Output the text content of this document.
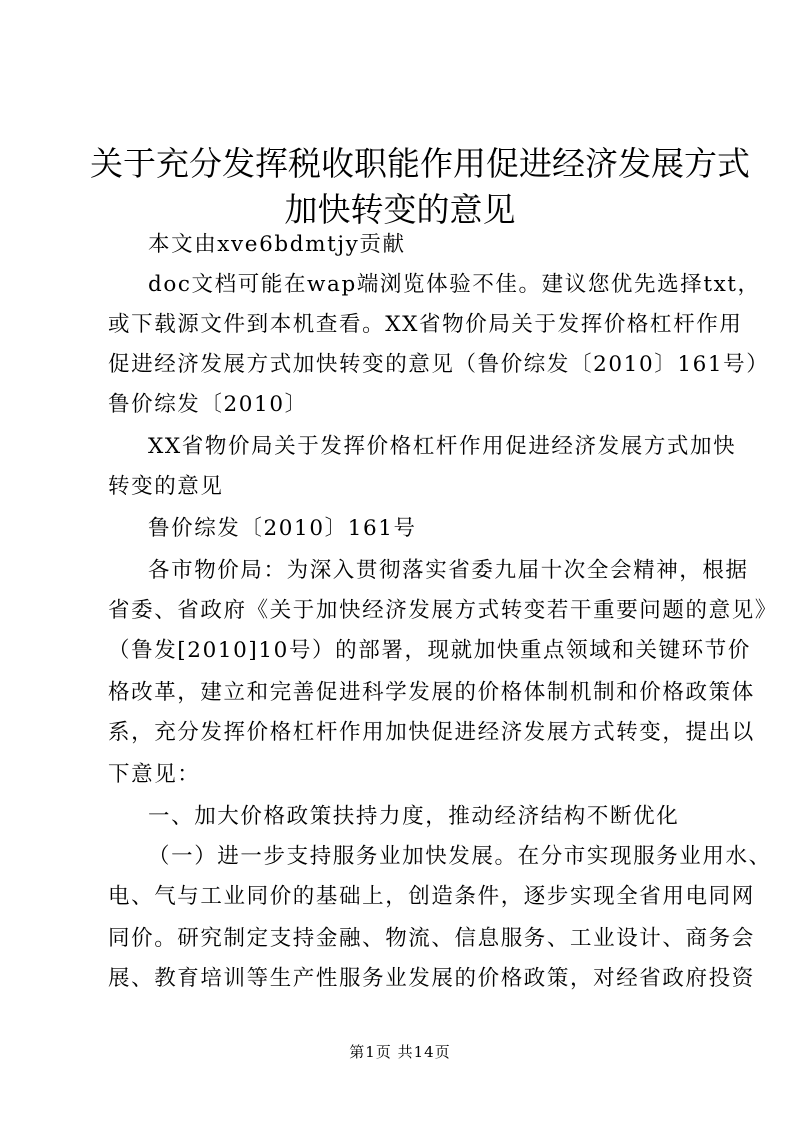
关于充分发挥税收职能作用促进经济发展方式
加快转变的意见
本文由xve6bdmtjy贡献
doc文档可能在wap端浏览体验不佳。建议您优先选择txt，
或下载源文件到本机查看。XX省物价局关于发挥价格杠杆作用
促进经济发展方式加快转变的意见（鲁价综发〔2010〕161号）
鲁价综发〔2010〕
XX省物价局关于发挥价格杠杆作用促进经济发展方式加快
转变的意见
鲁价综发〔2010〕161号
各市物价局：为深入贯彻落实省委九届十次全会精神，根据
省委、省政府《关于加快经济发展方式转变若干重要问题的意见》
（鲁发[2010]10号）的部署，现就加快重点领域和关键环节价
格改革，建立和完善促进科学发展的价格体制机制和价格政策体
系，充分发挥价格杠杆作用加快促进经济发展方式转变，提出以
下意见：
一、加大价格政策扶持力度，推动经济结构不断优化
（一）进一步支持服务业加快发展。在分市实现服务业用水、
电、气与工业同价的基础上，创造条件，逐步实现全省用电同网
同价。研究制定支持金融、物流、信息服务、工业设计、商务会
展、教育培训等生产性服务业发展的价格政策，对经省政府投资
第1页 共14页
